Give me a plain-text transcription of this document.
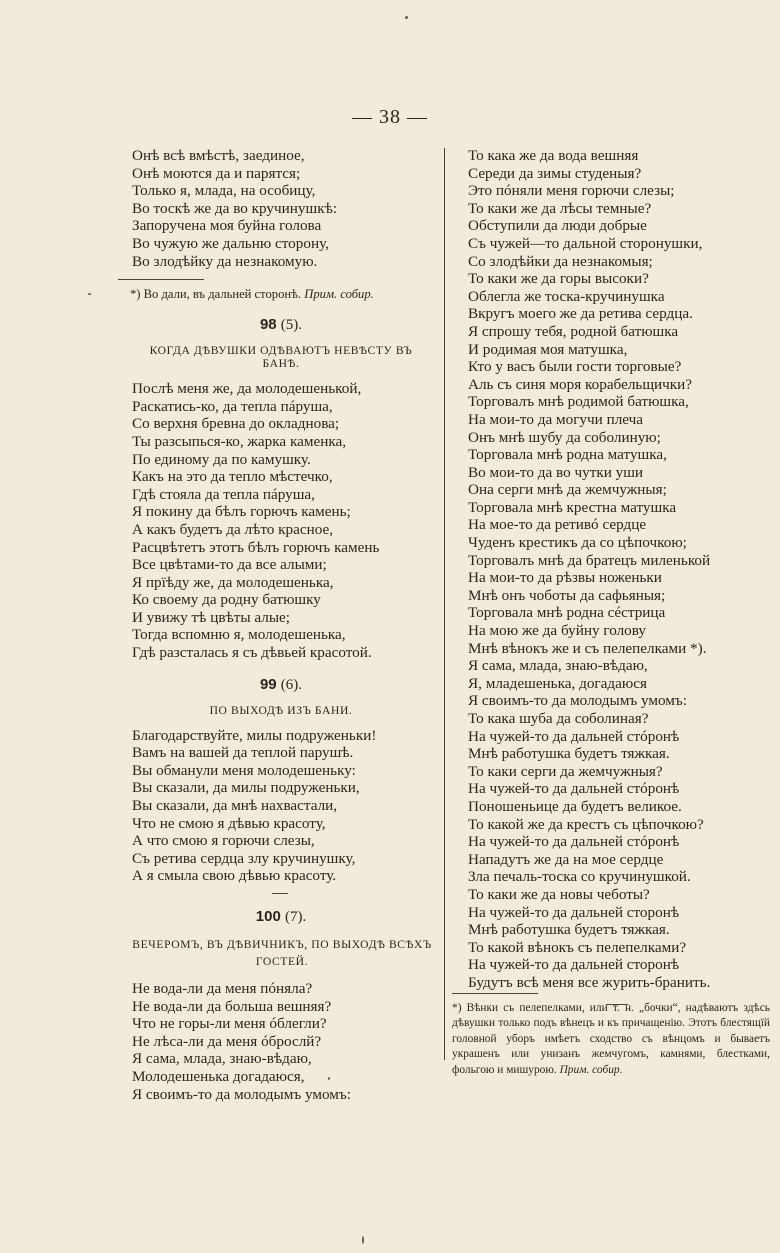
— 38 —
Онѣ всѣ вмѣстѣ, заединое,
Онѣ моются да и парятся;
Только я, млада, на особицу,
Во тоскѣ же да во кручинушкѣ:
Запоручена моя буйна голова
Во чужую же дальню сторону,
Во злодѣйку да незнакомую.
*) Во дали, въ дальней сторонѣ. Прим. собир.
98 (5).
КОГДА ДѢВУШКИ ОДѢВАЮТЪ НЕВѢСТУ ВЪ БАНѢ.
Послѣ меня же, да молодешенькой,
Раскатись-ко, да тепла пáруша,
Со верхня бревна до окладнова;
Ты разсыпься-ко, жарка каменка,
По единому да по камушку.
Какъ на это да тепло мѣстечко,
Гдѣ стояла да тепла пáруша,
Я покину да бѣлъ горючъ камень;
А какъ будетъ да лѣто красное,
Расцвѣтетъ этотъ бѣлъ горючъ камень
Все цвѣтами-то да все алыми;
Я прїѣду же, да молодешенька,
Ко своему да родну батюшку
И увижу тѣ цвѣты алые;
Тогда вспомню я, молодешенька,
Гдѣ разсталась я съ дѣвьей красотой.
99 (6).
ПО ВЫХОДѢ ИЗЪ БАНИ.
Благодарствуйте, милы подруженьки!
Вамъ на вашей да теплой парушѣ.
Вы обманули меня молодешеньку:
Вы сказали, да милы подруженьки,
Вы сказали, да мнѣ нахвастали,
Что не смою я дѣвью красоту,
А что смою я горючи слезы,
Съ ретива сердца злу кручинушку,
А я смыла свою дѣвью красоту.
100 (7).
ВЕЧЕРОМЪ, ВЪ ДѢВИЧНИКЪ, ПО ВЫХОДѢ ВСѢХЪ ГОСТЕЙ.
Не вода-ли да меня пóняла?
Не вода-ли да больша вешняя?
Что не горы-ли меня óблегли?
Не лѣса-ли да меня óброслй?
Я сама, млада, знаю-вѣдаю,
Молодешенька догадаюся,
Я своимъ-то да молодымъ умомъ:
То кака же да вода вешняя
Середи да зимы студеныя?
Это пóняли меня горючи слезы;
То каки же да лѣсы темные?
Обступили да люди добрые
Съ чужей—то дальной сторонушки,
Со злодѣйки да незнакомыя;
То каки же да горы высоки?
Облегла же тоска-кручинушка
Вкругъ моего же да ретива сердца.
Я спрошу тебя, родной батюшка
И родимая моя матушка,
Кто у васъ были гости торговые?
Аль съ синя моря корабельщички?
Торговалъ мнѣ родимой батюшка,
На мои-то да могучи плеча
Онъ мнѣ шубу да соболиную;
Торговала мнѣ родна матушка,
Во мои-то да во чутки уши
Она серги мнѣ да жемчужныя;
Торговала мнѣ крестна матушка
На мое-то да ретивó сердце
Чуденъ крестикъ да со цѣпочкою;
Торговалъ мнѣ да братецъ миленькой
На мои-то да рѣзвы ноженьки
Мнѣ онъ чоботы да сафьяныя;
Торговала мнѣ родна сéстрица
На мою же да буйну голову
Мнѣ вѣнокъ же и съ пелепелками *).
Я сама, млада, знаю-вѣдаю,
Я, младешенька, догадаюся
Я своимъ-то да молодымъ умомъ:
То кака шуба да соболиная?
На чужей-то да дальней стóронѣ
Мнѣ работушка будетъ тяжкая.
То каки серги да жемчужныя?
На чужей-то да дальней стóронѣ
Поношеньице да будетъ великое.
То какой же да крестъ съ цѣпочкою?
На чужей-то да дальней стóронѣ
Нападутъ же да на мое сердце
Зла печаль-тоска со кручинушкой.
То каки же да новы чеботы?
На чужей-то да дальней сторонѣ
Мнѣ работушка будетъ тяжкая.
То какой вѣнокъ съ пелепелками?
На чужей-то да дальней сторонѣ
Будутъ всѣ меня все журить-бранить.
*) Вѣнки съ пелепелками, или т. н. „бочки“, надѣваютъ здѣсь дѣвушки только подъ вѣнецъ и къ причащенію. Этотъ блестящїй головной уборъ имѣетъ сходство съ вѣнцомъ и бываетъ украшенъ или унизанъ жемчугомъ, камнями, блестками, фольгою и мишурою. Прим. собир.
